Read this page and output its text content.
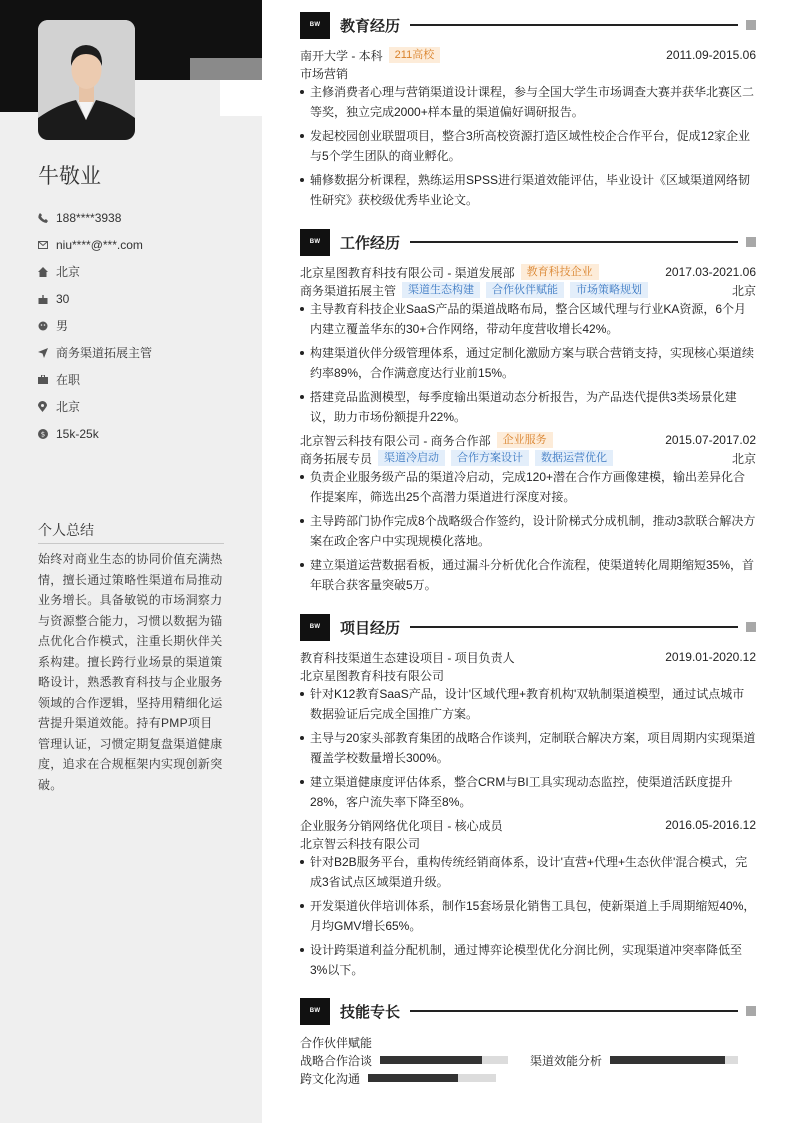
牛敬业
188****3938
niu****@***.com
北京
30
男
商务渠道拓展主管
在职
北京
$ 15k-25k
个人总结
始终对商业生态的协同价值充满热情，擅长通过策略性渠道布局推动业务增长。具备敏锐的市场洞察力与资源整合能力，习惯以数据为锚点优化合作模式，注重长期伙伴关系构建。擅长跨行业场景的渠道策略设计，熟悉教育科技与企业服务领域的合作逻辑，坚持用精细化运营提升渠道效能。持有PMP项目管理认证，习惯定期复盘渠道健康度，追求在合规框架内实现创新突破。
BW	教育经历
南开大学 - 本科	211高校	2011.09-2015.06
市场营销
主修消费者心理与营销渠道设计课程，参与全国大学生市场调查大赛并获华北赛区二等奖，独立完成2000+样本量的渠道偏好调研报告。
发起校园创业联盟项目，整合3所高校资源打造区域性校企合作平台，促成12家企业与5个学生团队的商业孵化。
辅修数据分析课程，熟练运用SPSS进行渠道效能评估，毕业设计《区域渠道网络韧性研究》获校级优秀毕业论文。
BW	工作经历
北京星图教育科技有限公司 - 渠道发展部	教育科技企业	2017.03-2021.06
商务渠道拓展主管	渠道生态构建	合作伙伴赋能	市场策略规划	北京
主导教育科技企业SaaS产品的渠道战略布局，整合区域代理与行业KA资源，6个月内建立覆盖华东的30+合作网络，带动年度营收增长42%。
构建渠道伙伴分级管理体系，通过定制化激励方案与联合营销支持，实现核心渠道续约率89%，合作满意度达行业前15%。
搭建竞品监测模型，每季度输出渠道动态分析报告，为产品迭代提供3类场景化建议，助力市场份额提升22%。
北京智云科技有限公司 - 商务合作部	企业服务	2015.07-2017.02
商务拓展专员	渠道冷启动	合作方案设计	数据运营优化	北京
负责企业服务级产品的渠道冷启动，完成120+潜在合作方画像建模，输出差异化合作提案库，筛选出25个高潜力渠道进行深度对接。
主导跨部门协作完成8个战略级合作签约，设计阶梯式分成机制，推动3款联合解决方案在政企客户中实现规模化落地。
建立渠道运营数据看板，通过漏斗分析优化合作流程，使渠道转化周期缩短35%，首年联合获客量突破5万。
BW	项目经历
教育科技渠道生态建设项目 - 项目负责人	2019.01-2020.12
北京星图教育科技有限公司
针对K12教育SaaS产品，设计'区域代理+教育机构'双轨制渠道模型，通过试点城市数据验证后完成全国推广方案。
主导与20家头部教育集团的战略合作谈判，定制联合解决方案，项目周期内实现渠道覆盖学校数量增长300%。
建立渠道健康度评估体系，整合CRM与BI工具实现动态监控，使渠道活跃度提升28%，客户流失率下降至8%。
企业服务分销网络优化项目 - 核心成员	2016.05-2016.12
北京智云科技有限公司
针对B2B服务平台，重构传统经销商体系，设计'直营+代理+生态伙伴'混合模式，完成3省试点区域渠道升级。
开发渠道伙伴培训体系，制作15套场景化销售工具包，使新渠道上手周期缩短40%，月均GMV增长65%。
设计跨渠道利益分配机制，通过博弈论模型优化分润比例，实现渠道冲突率降低至3%以下。
BW	技能专长
合作伙伴赋能
战略合作洽谈	渠道效能分析
跨文化沟通
